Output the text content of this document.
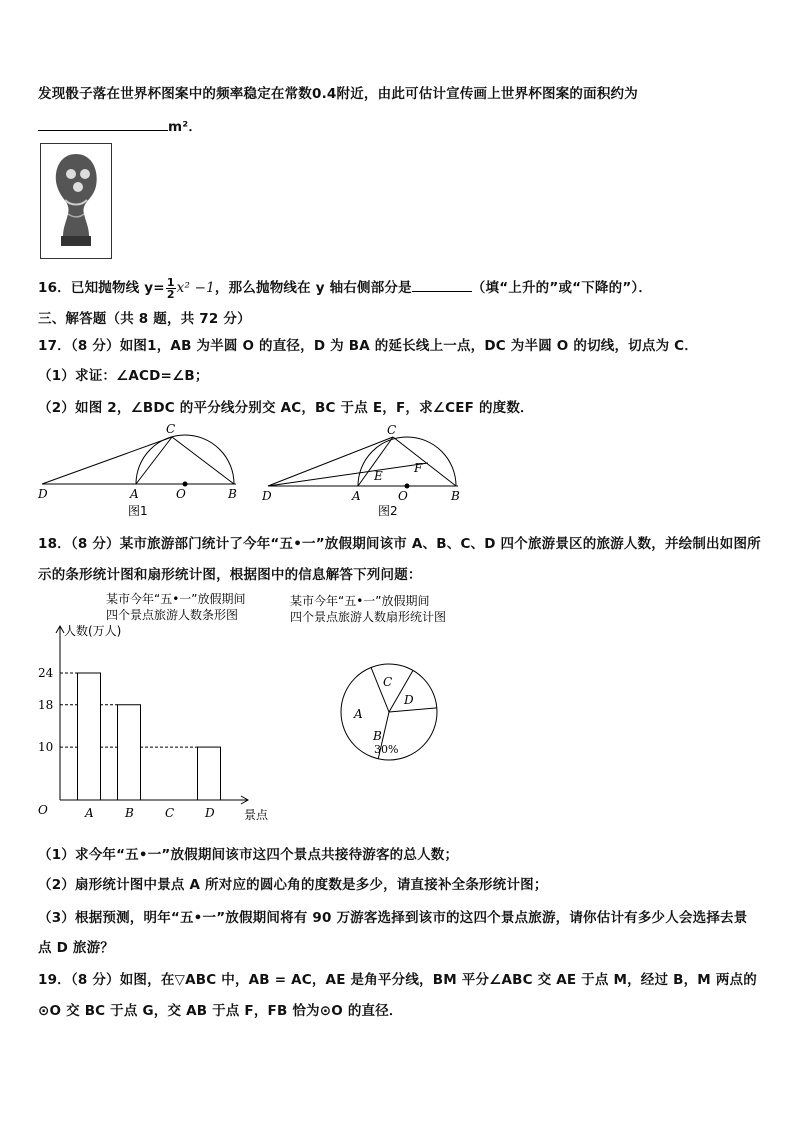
发现骰子落在世界杯图案中的频率稳定在常数0.4附近，由此可估计宣传画上世界杯图案的面积约为
m²．
16．已知抛物线 $y= \frac{1}{2} x^2 -1$，那么抛物线在 y 轴右侧部分是	（填“上升的”或“下降的”）．
三、解答题（共 8 题，共 72 分）
17．（8 分）如图1，AB 为半圆 O 的直径，D 为 BA 的延长线上一点，DC 为半圆 O 的切线，切点为 C．
（1）求证：∠ACD=∠B；
（2）如图 2，∠BDC 的平分线分别交 AC，BC 于点 E，F，求∠CEF 的度数．
D	A	O	B
C
图1
D	A	O	B
C
E
F
图2
18．（8 分）某市旅游部门统计了今年“五•一”放假期间该市 A、B、C、D 四个旅游景区的旅游人数，并绘制出如图所
示的条形统计图和扇形统计图，根据图中的信息解答下列问题：
某市今年“五•一”放假期间
四个景点旅游人数条形图
人数(万人)
景点
O
10
18
24
A	B	C	D
某市今年“五•一”放假期间
四个景点旅游人数扇形统计图
A
B
C
D
30%
（1）求今年“五•一”放假期间该市这四个景点共接待游客的总人数；
（2）扇形统计图中景点 A 所对应的圆心角的度数是多少，请直接补全条形统计图；
（3）根据预测，明年“五•一”放假期间将有 90 万游客选择到该市的这四个景点旅游，请你估计有多少人会选择去景
点 D 旅游？
19．（8 分）如图，在▽ABC 中，AB = AC，AE 是角平分线，BM 平分∠ABC 交 AE 于点 M，经过 B，M 两点的
⊙O 交 BC 于点 G，交 AB 于点 F，FB 恰为⊙O 的直径．
